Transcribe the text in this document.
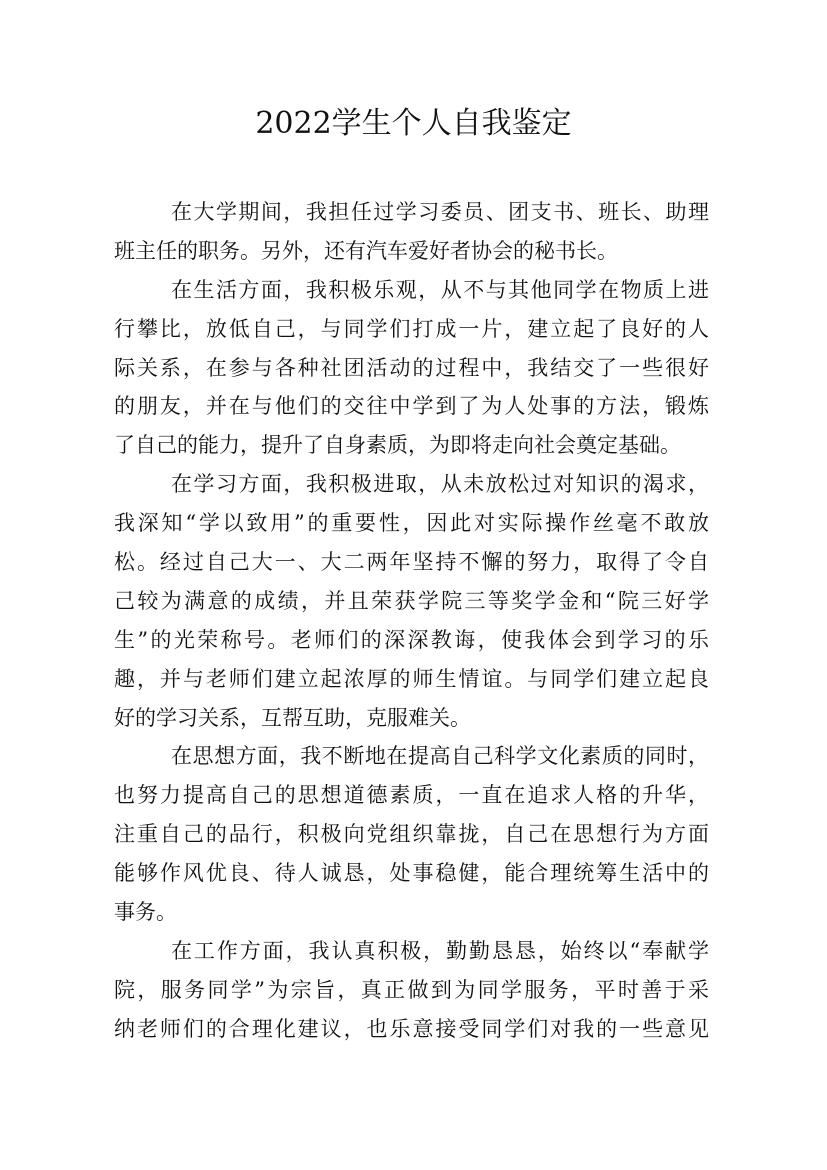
2022学生个人自我鉴定
在大学期间，我担任过学习委员、团支书、班长、助理
班主任的职务。另外，还有汽车爱好者协会的秘书长。
在生活方面，我积极乐观，从不与其他同学在物质上进
行攀比，放低自己，与同学们打成一片，建立起了良好的人
际关系，在参与各种社团活动的过程中，我结交了一些很好
的朋友，并在与他们的交往中学到了为人处事的方法，锻炼
了自己的能力，提升了自身素质，为即将走向社会奠定基础。
在学习方面，我积极进取，从未放松过对知识的渴求，
我深知“学以致用”的重要性，因此对实际操作丝毫不敢放
松。经过自己大一、大二两年坚持不懈的努力，取得了令自
己较为满意的成绩，并且荣获学院三等奖学金和“院三好学
生”的光荣称号。老师们的深深教诲，使我体会到学习的乐
趣，并与老师们建立起浓厚的师生情谊。与同学们建立起良
好的学习关系，互帮互助，克服难关。
在思想方面，我不断地在提高自己科学文化素质的同时，
也努力提高自己的思想道德素质，一直在追求人格的升华，
注重自己的品行，积极向党组织靠拢，自己在思想行为方面
能够作风优良、待人诚恳，处事稳健，能合理统筹生活中的
事务。
在工作方面，我认真积极，勤勤恳恳，始终以“奉献学
院，服务同学”为宗旨，真正做到为同学服务，平时善于采
纳老师们的合理化建议，也乐意接受同学们对我的一些意见
